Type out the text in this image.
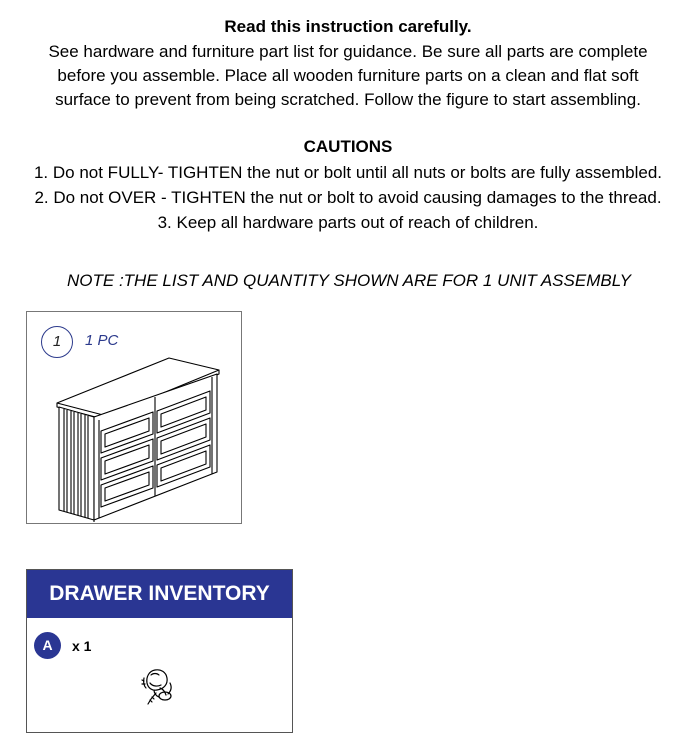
Read this instruction carefully.
See hardware and furniture part list for guidance. Be sure all parts are complete
before you assemble. Place all wooden furniture parts on a clean and flat soft
surface to prevent from being scratched. Follow the figure to start assembling.
CAUTIONS
1. Do not FULLY- TIGHTEN the nut or bolt until all nuts or bolts are fully assembled.
2. Do not OVER - TIGHTEN the nut or bolt to avoid causing damages to the thread.
3. Keep all hardware parts out of reach of children.
NOTE :THE LIST AND QUANTITY SHOWN ARE FOR 1 UNIT ASSEMBLY
1	1 PC
DRAWER INVENTORY
A	x 1
